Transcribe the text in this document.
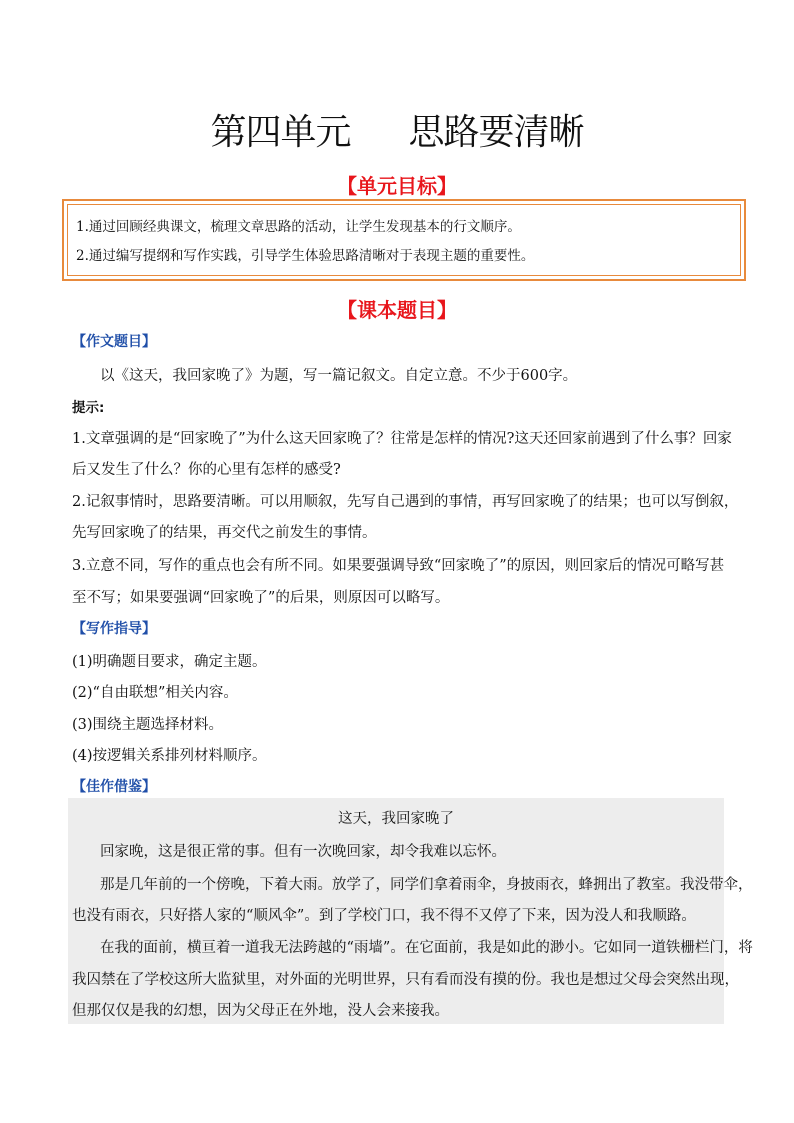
第四单元 思路要清晰
【单元目标】
1.通过回顾经典课文，梳理文章思路的活动，让学生发现基本的行文顺序。
2.通过编写提纲和写作实践，引导学生体验思路清晰对于表现主题的重要性。
【课本题目】
【作文题目】
以《这天，我回家晚了》为题，写一篇记叙文。自定立意。不少于600字。
提示:
1.文章强调的是“回家晚了”为什么这天回家晚了？往常是怎样的情况?这天还回家前遇到了什么事？回家
后又发生了什么？你的心里有怎样的感受?
2.记叙事情时，思路要清晰。可以用顺叙，先写自己遇到的事情，再写回家晚了的结果；也可以写倒叙，
先写回家晚了的结果，再交代之前发生的事情。
3.立意不同，写作的重点也会有所不同。如果要强调导致“回家晚了”的原因，则回家后的情况可略写甚
至不写；如果要强调“回家晚了”的后果，则原因可以略写。
【写作指导】
(1)明确题目要求，确定主题。
(2)“自由联想”相关内容。
(3)围绕主题选择材料。
(4)按逻辑关系排列材料顺序。
【佳作借鉴】
这天，我回家晚了
回家晚，这是很正常的事。但有一次晚回家，却令我难以忘怀。
那是几年前的一个傍晚，下着大雨。放学了，同学们拿着雨伞，身披雨衣，蜂拥出了教室。我没带伞，
也没有雨衣，只好搭人家的“顺风伞”。到了学校门口，我不得不又停了下来，因为没人和我顺路。
在我的面前，横亘着一道我无法跨越的“雨墙”。在它面前，我是如此的渺小。它如同一道铁栅栏门，将
我囚禁在了学校这所大监狱里，对外面的光明世界，只有看而没有摸的份。我也是想过父母会突然出现，
但那仅仅是我的幻想，因为父母正在外地，没人会来接我。
